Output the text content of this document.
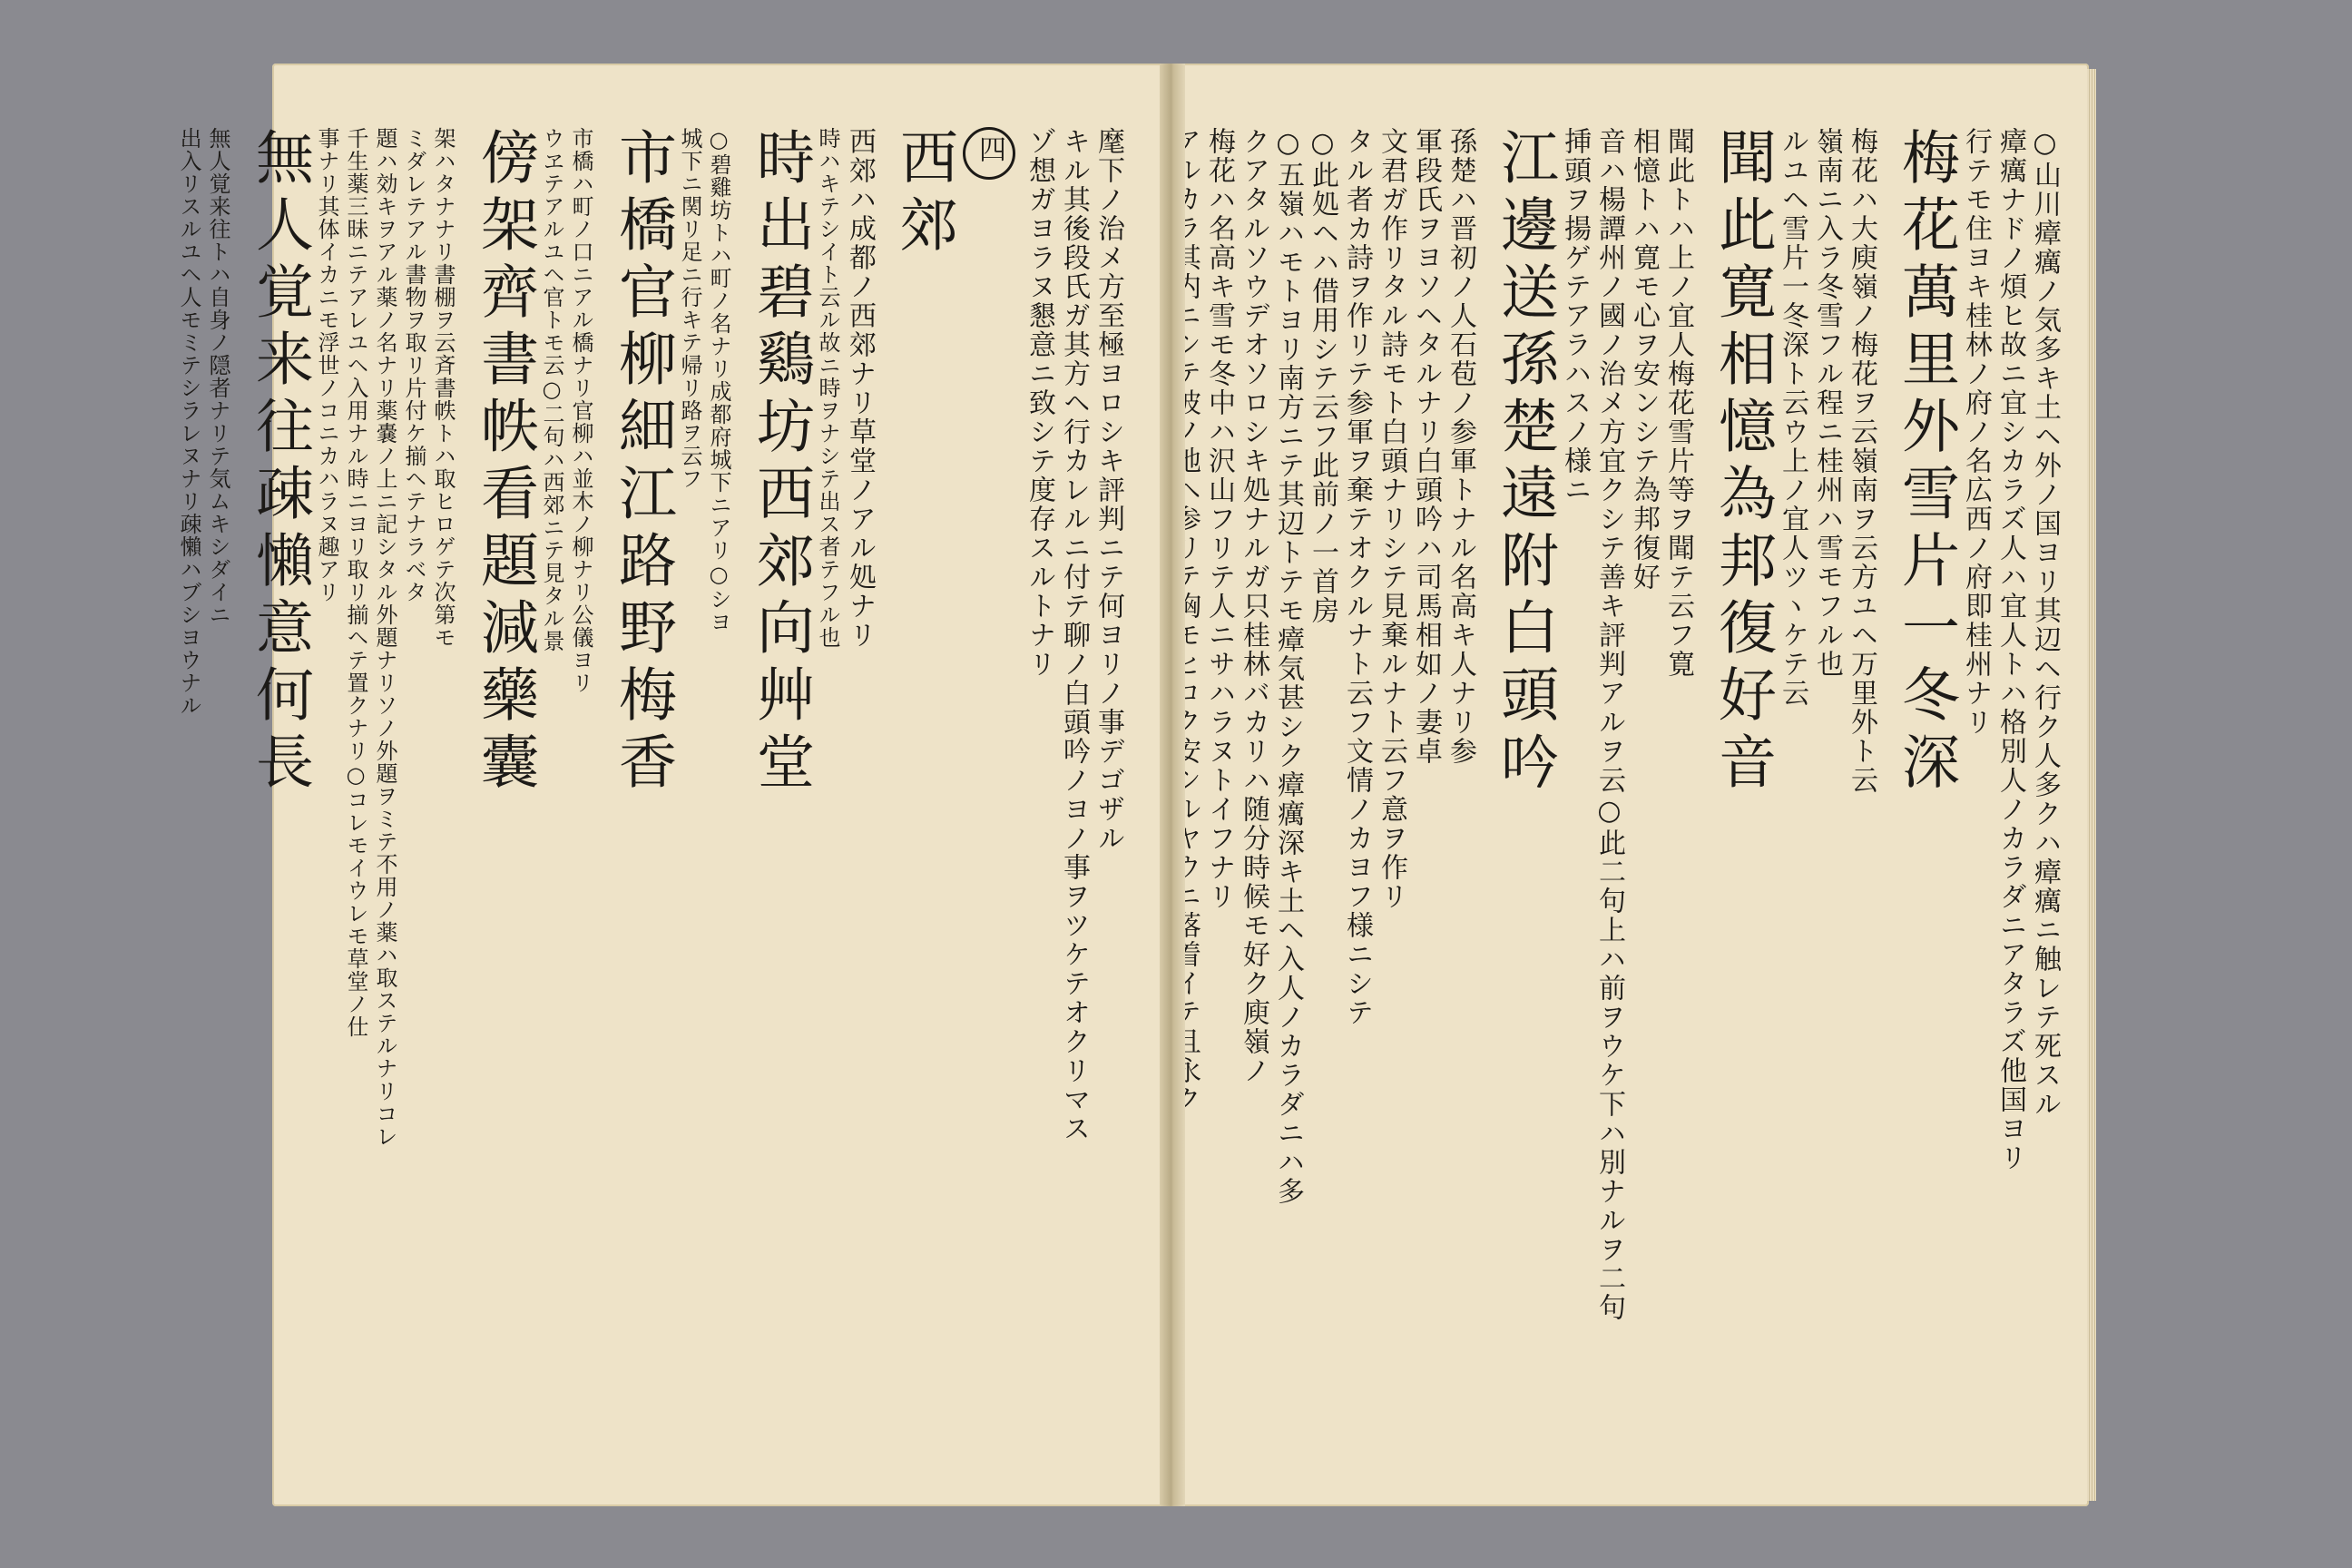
○山川瘴癘ノ気多キ土ヘ外ノ国ヨリ其辺ヘ行ク人多クハ瘴癘ニ触レテ死スル
瘴癘ナドノ煩ヒ故ニ宜シカラズ人ハ宜人トハ格別人ノカラダニアタラズ他国ヨリ
行テモ住ヨキ桂林ノ府ノ名広西ノ府即桂州ナリ
梅花萬里外雪片一冬深
梅花ハ大庾嶺ノ梅花ヲ云嶺南ヲ云方ユヘ万里外ト云
嶺南ニ入ラ冬雪フル程ニ桂州ハ雪モフル也
ルユヘ雪片一冬深ト云ウ上ノ宜人ツヽケテ云
聞此寛相憶為邦復好音
聞此トハ上ノ宜人梅花雪片等ヲ聞テ云フ寛
相憶トハ寛モ心ヲ安ンシテ為邦復好
音ハ楊譚州ノ國ノ治メ方宜クシテ善キ評判アルヲ云○此二句上ハ前ヲウケ下ハ別ナルヲ二句
挿頭ヲ揚ゲテアラハスノ様ニ
江邊送孫楚遠附白頭吟
孫楚ハ晋初ノ人石苞ノ参軍トナル名高キ人ナリ参
軍段氏ヲヨソヘタルナリ白頭吟ハ司馬相如ノ妻卓
文君ガ作リタル詩モト白頭ナリシテ見棄ルナト云フ意ヲ作リ
タル者カ詩ヲ作リテ参軍ヲ棄テオクルナト云フ文情ノカヨフ様ニシテ
○此処ヘハ借用シテ云フ此前ノ一首房
○五嶺ハモトヨリ南方ニテ其辺トテモ瘴気甚シク瘴癘深キ土ヘ入人ノカラダニハ多
クアタルソウデオソロシキ処ナルガ只桂林バカリハ随分時候モ好ク庾嶺ノ
梅花ハ名高キ雪モ冬中ハ沢山フリテ人ニサハラヌトイフナリ
麾下ノ治メ方至極ヨロシキ評判ニテ何ヨリノ事デゴザル
キル其後段氏ガ其方ヘ行カレルニ付テ聊ノ白頭吟ノヨノ事ヲツケテオクリマス
ゾ想ガヨラヌ懇意ニ致シテ度存スルトナリ
四
西郊
西郊ハ成都ノ西郊ナリ草堂ノアル処ナリ
時ハキテシイト云ル故ニ時ヲナシテ出ス者テフル也
時出碧鷄坊西郊向艸堂
○碧雞坊トハ町ノ名ナリ成都府城下ニアリ○シヨ
城下ニ関リ足ニ行キテ帰リ路ヲ云フ
市橋官柳細江路野梅香
市橋ハ町ノ口ニアル橋ナリ官柳ハ並木ノ柳ナリ公儀ヨリ
ウヱテアルユヘ官トモ云○二句ハ西郊ニテ見タル景
傍架齊書帙看題減藥囊
架ハタナナリ書棚ヲ云斉書帙トハ取ヒロゲテ次第モ
ミダレテアル書物ヲ取リ片付ケ揃ヘテナラベタ
題ハ効キヲアル薬ノ名ナリ薬嚢ノ上ニ記シタル外題ナリソノ外題ヲミテ不用ノ薬ハ取ステルナリコレ
千生薬三昧ニテアレユヘ入用ナル時ニヨリ取リ揃ヘテ置クナリ○コレモイウレモ草堂ノ仕
事ナリ其体イカニモ浮世ノコニカハラヌ趣アリ
無人覚来往疎懶意何長
無人覚来往トハ自身ノ隠者ナリテ気ムキシダイニ
出入リスルユヘ人モミテシラレヌナリ疎懶ハブシヨウナル
